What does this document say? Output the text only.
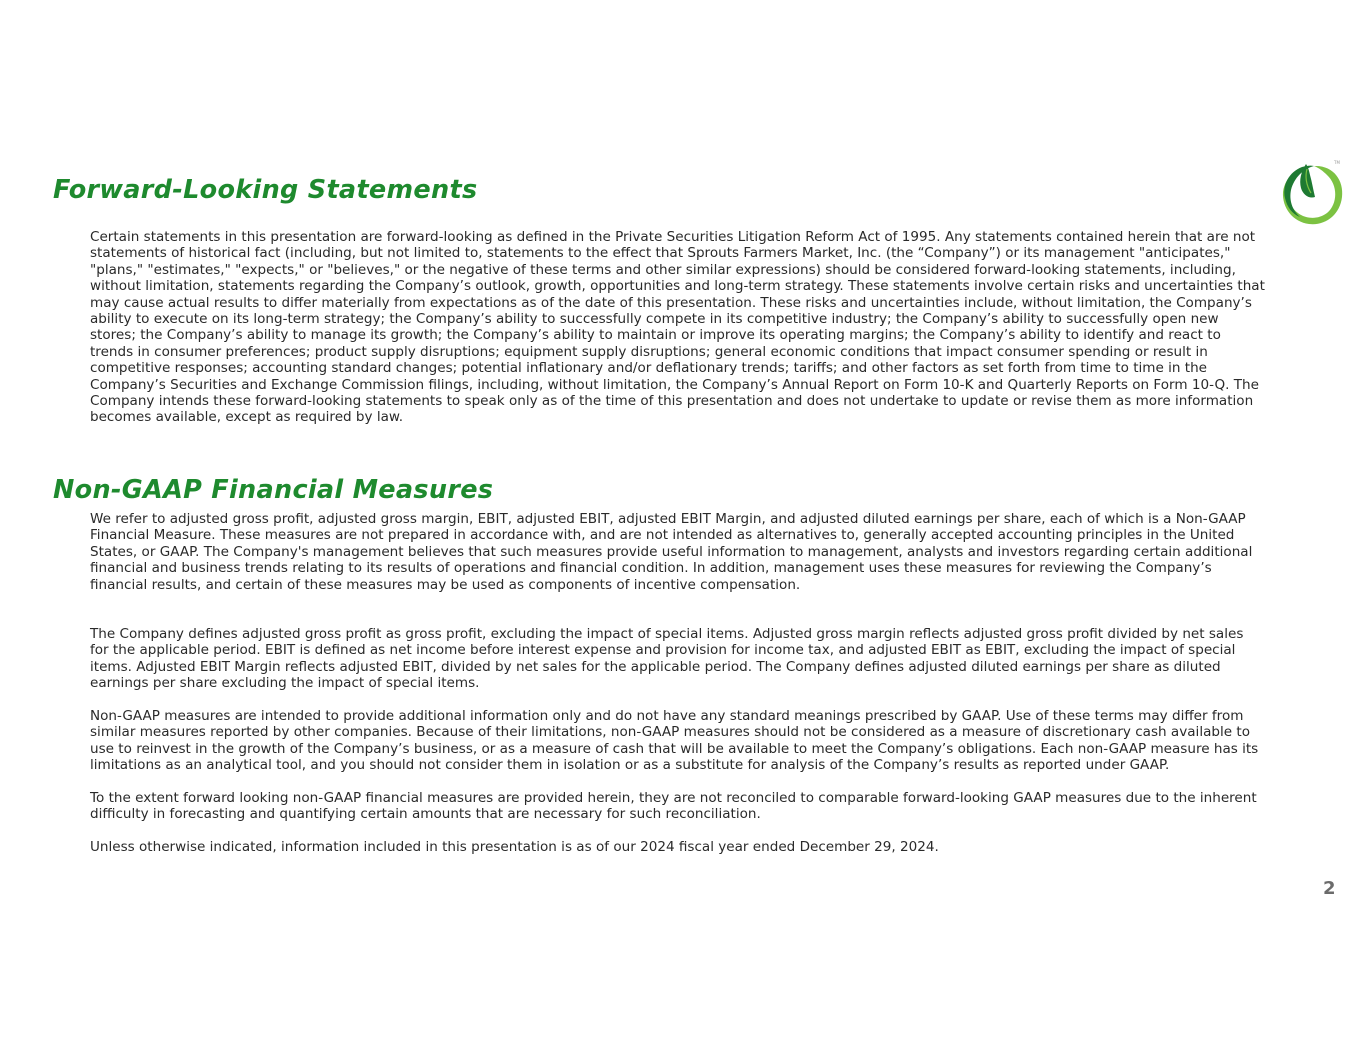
TM
Forward-Looking Statements

Certain statements in this presentation are forward-looking as defined in the Private Securities Litigation Reform Act of 1995. Any statements contained herein that are not statements of historical fact (including, but not limited to, statements to the effect that Sprouts Farmers Market, Inc. (the “Company”) or its management "anticipates," "plans," "estimates," "expects," or "believes," or the negative of these terms and other similar expressions) should be considered forward-looking statements, including, without limitation, statements regarding the Company’s outlook, growth, opportunities and long-term strategy. These statements involve certain risks and uncertainties that may cause actual results to differ materially from expectations as of the date of this presentation. These risks and uncertainties include, without limitation, the Company’s ability to execute on its long-term strategy; the Company’s ability to successfully compete in its competitive industry; the Company’s ability to successfully open new stores; the Company’s ability to manage its growth; the Company’s ability to maintain or improve its operating margins; the Company’s ability to identify and react to trends in consumer preferences; product supply disruptions; equipment supply disruptions; general economic conditions that impact consumer spending or result in competitive responses; accounting standard changes; potential inflationary and/or deflationary trends; tariffs; and other factors as set forth from time to time in the Company’s Securities and Exchange Commission filings, including, without limitation, the Company’s Annual Report on Form 10-K and Quarterly Reports on Form 10-Q. The Company intends these forward-looking statements to speak only as of the time of this presentation and does not undertake to update or revise them as more information becomes available, except as required by law.

Non-GAAP Financial Measures

We refer to adjusted gross profit, adjusted gross margin, EBIT, adjusted EBIT, adjusted EBIT Margin, and adjusted diluted earnings per share, each of which is a Non-GAAP Financial Measure. These measures are not prepared in accordance with, and are not intended as alternatives to, generally accepted accounting principles in the United States, or GAAP. The Company's management believes that such measures provide useful information to management, analysts and investors regarding certain additional financial and business trends relating to its results of operations and financial condition. In addition, management uses these measures for reviewing the Company’s financial results, and certain of these measures may be used as components of incentive compensation.

The Company defines adjusted gross profit as gross profit, excluding the impact of special items. Adjusted gross margin reflects adjusted gross profit divided by net sales for the applicable period. EBIT is defined as net income before interest expense and provision for income tax, and adjusted EBIT as EBIT, excluding the impact of special items. Adjusted EBIT Margin reflects adjusted EBIT, divided by net sales for the applicable period. The Company defines adjusted diluted earnings per share as diluted earnings per share excluding the impact of special items.

Non-GAAP measures are intended to provide additional information only and do not have any standard meanings prescribed by GAAP. Use of these terms may differ from similar measures reported by other companies. Because of their limitations, non-GAAP measures should not be considered as a measure of discretionary cash available to use to reinvest in the growth of the Company’s business, or as a measure of cash that will be available to meet the Company’s obligations. Each non-GAAP measure has its limitations as an analytical tool, and you should not consider them in isolation or as a substitute for analysis of the Company’s results as reported under GAAP.

To the extent forward looking non-GAAP financial measures are provided herein, they are not reconciled to comparable forward-looking GAAP measures due to the inherent difficulty in forecasting and quantifying certain amounts that are necessary for such reconciliation.

Unless otherwise indicated, information included in this presentation is as of our 2024 fiscal year ended December 29, 2024.

2
